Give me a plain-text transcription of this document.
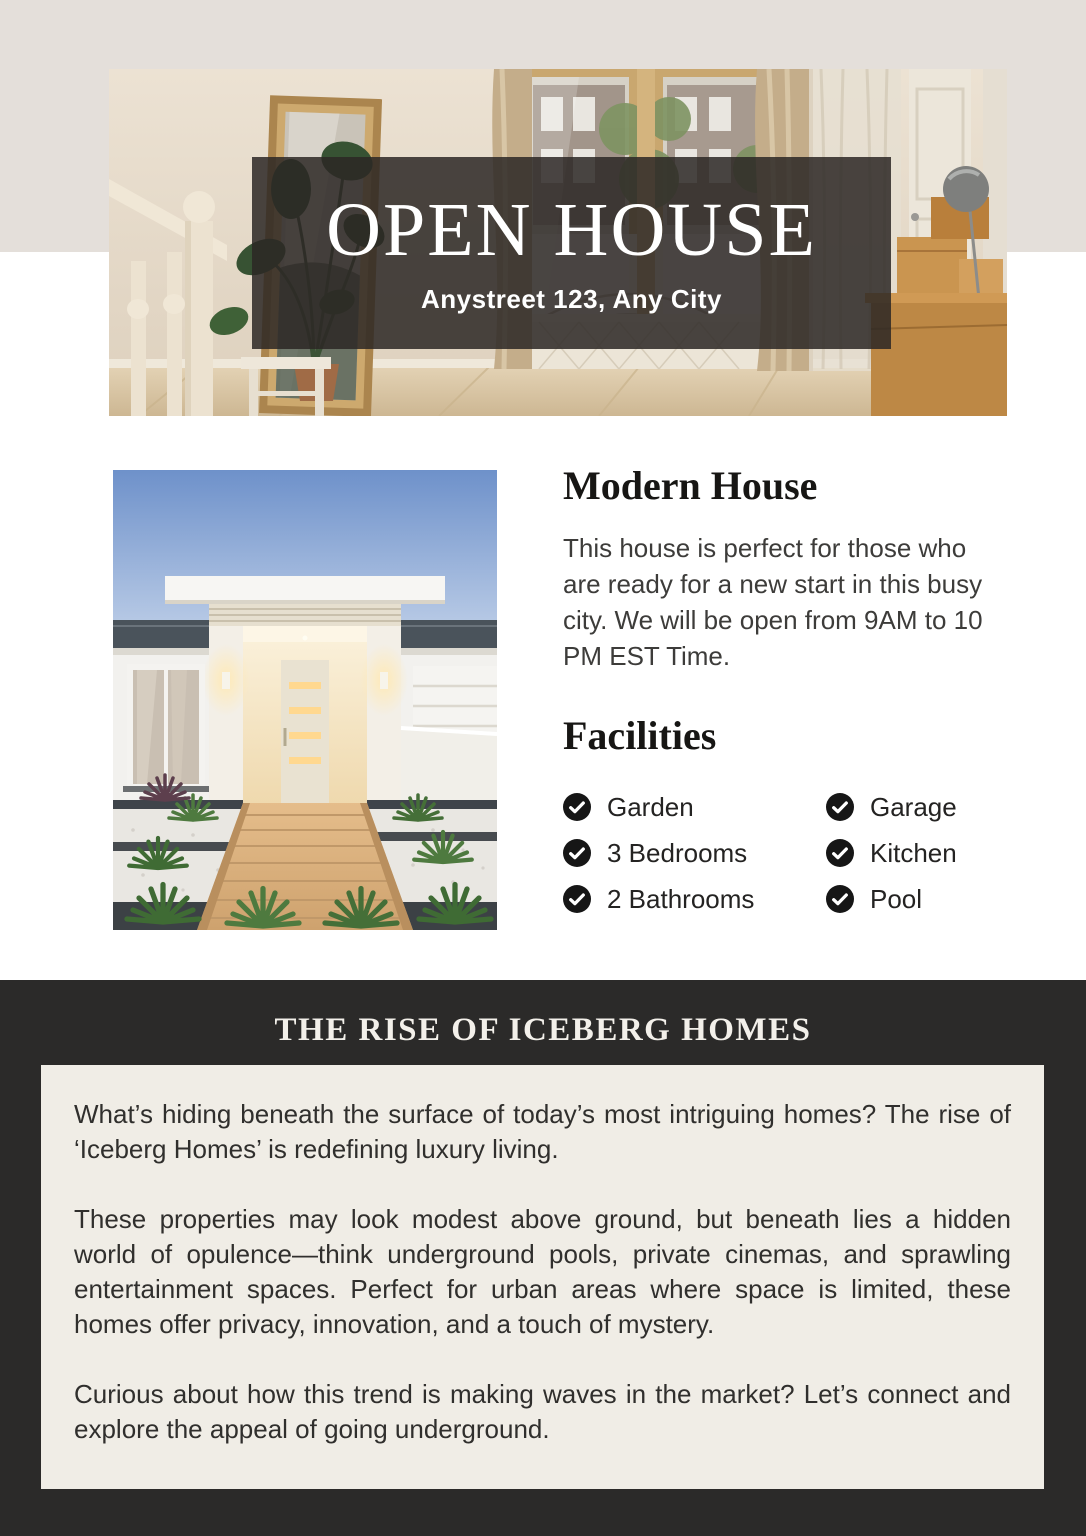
OPEN HOUSE
Anystreet 123, Any City
Modern House

This house is perfect for those who are ready for a new start in this busy city. We will be open from 9AM to 10 PM EST Time.

Facilities
Garden
3 Bedrooms
2 Bathrooms
Garage
Kitchen
Pool
THE RISE OF ICEBERG HOMES

What’s hiding beneath the surface of today’s most intriguing homes? The rise of ‘Iceberg Homes’ is redefining luxury living.

These properties may look modest above ground, but beneath lies a hidden world of opulence—think underground pools, private cinemas, and sprawling entertainment spaces. Perfect for urban areas where space is limited, these homes offer privacy, innovation, and a touch of mystery.

Curious about how this trend is making waves in the market? Let’s connect and explore the appeal of going underground.
